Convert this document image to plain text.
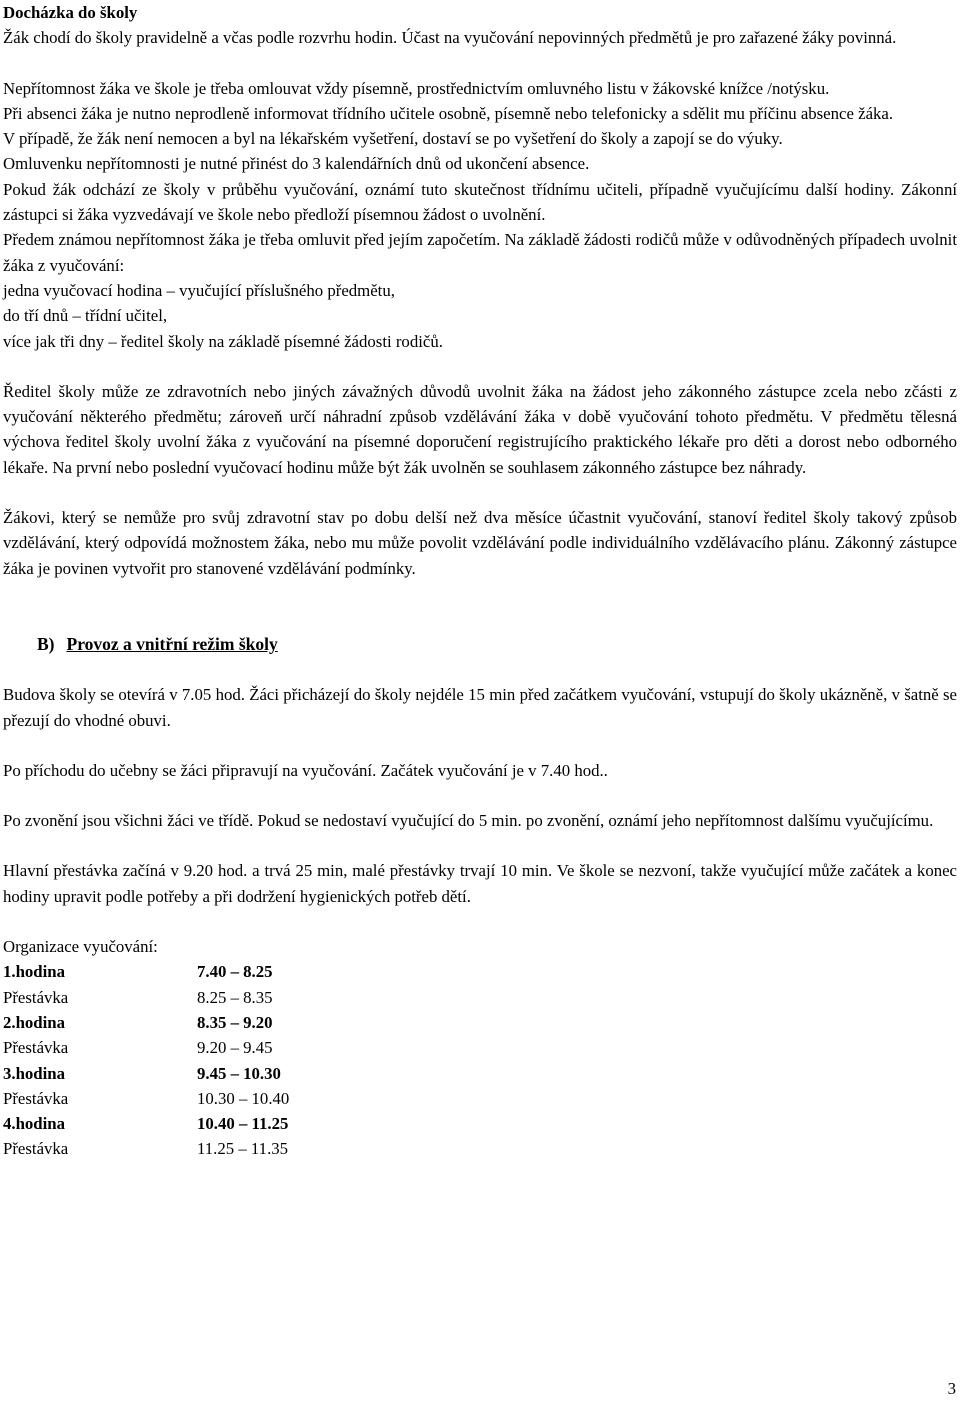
Docházka do školy

Žák chodí do školy pravidelně a včas podle rozvrhu hodin. Účast na vyučování nepovinných předmětů je pro zařazené žáky povinná.

Nepřítomnost žáka ve škole je třeba omlouvat vždy písemně, prostřednictvím omluvného listu v žákovské knížce /notýsku.

Při absenci žáka je nutno neprodleně informovat třídního učitele osobně, písemně nebo telefonicky a sdělit mu příčinu absence žáka.

V případě, že žák není nemocen a byl na lékařském vyšetření, dostaví se po vyšetření do školy a zapojí se do výuky.

Omluvenku nepřítomnosti je nutné přinést do 3 kalendářních dnů od ukončení absence.

Pokud žák odchází ze školy v průběhu vyučování, oznámí tuto skutečnost třídnímu učiteli, případně vyučujícímu další hodiny. Zákonní zástupci si žáka vyzvedávají ve škole nebo předloží písemnou žádost o uvolnění.

Předem známou nepřítomnost žáka je třeba omluvit před jejím započetím. Na základě žádosti rodičů může v odůvodněných případech uvolnit žáka z vyučování:

jedna vyučovací hodina – vyučující příslušného předmětu,

do tří dnů – třídní učitel,

více jak tři dny – ředitel školy na základě písemné žádosti rodičů.

Ředitel školy může ze zdravotních nebo jiných závažných důvodů uvolnit žáka na žádost jeho zákonného zástupce zcela nebo zčásti z vyučování některého předmětu; zároveň určí náhradní způsob vzdělávání žáka v době vyučování tohoto předmětu. V předmětu tělesná výchova ředitel školy uvolní žáka z vyučování na písemné doporučení registrujícího praktického lékaře pro děti a dorost nebo odborného lékaře. Na první nebo poslední vyučovací hodinu může být žák uvolněn se souhlasem zákonného zástupce bez náhrady.

Žákovi, který se nemůže pro svůj zdravotní stav po dobu delší než dva měsíce účastnit vyučování, stanoví ředitel školy takový způsob vzdělávání, který odpovídá možnostem žáka, nebo mu může povolit vzdělávání podle individuálního vzdělávacího plánu. Zákonný zástupce žáka je povinen vytvořit pro stanovené vzdělávání podmínky.

B) Provoz a vnitřní režim školy

Budova školy se otevírá v 7.05 hod. Žáci přicházejí do školy nejdéle 15 min před začátkem vyučování, vstupují do školy ukázněně, v šatně se přezují do vhodné obuvi.

Po příchodu do učebny se žáci připravují na vyučování. Začátek vyučování je v 7.40 hod..

Po zvonění jsou všichni žáci ve třídě. Pokud se nedostaví vyučující do 5 min. po zvonění, oznámí jeho nepřítomnost dalšímu vyučujícímu.

Hlavní přestávka začíná v 9.20 hod. a trvá 25 min, malé přestávky trvají 10 min. Ve škole se nezvoní, takže vyučující může začátek a konec hodiny upravit podle potřeby a při dodržení hygienických potřeb dětí.

Organizace vyučování:

1.hodina	7.40 – 8.25
Přestávka	8.25 – 8.35
2.hodina	8.35 – 9.20
Přestávka	9.20 – 9.45
3.hodina	9.45 – 10.30
Přestávka	10.30 – 10.40
4.hodina	10.40 – 11.25
Přestávka	11.25 – 11.35
3
